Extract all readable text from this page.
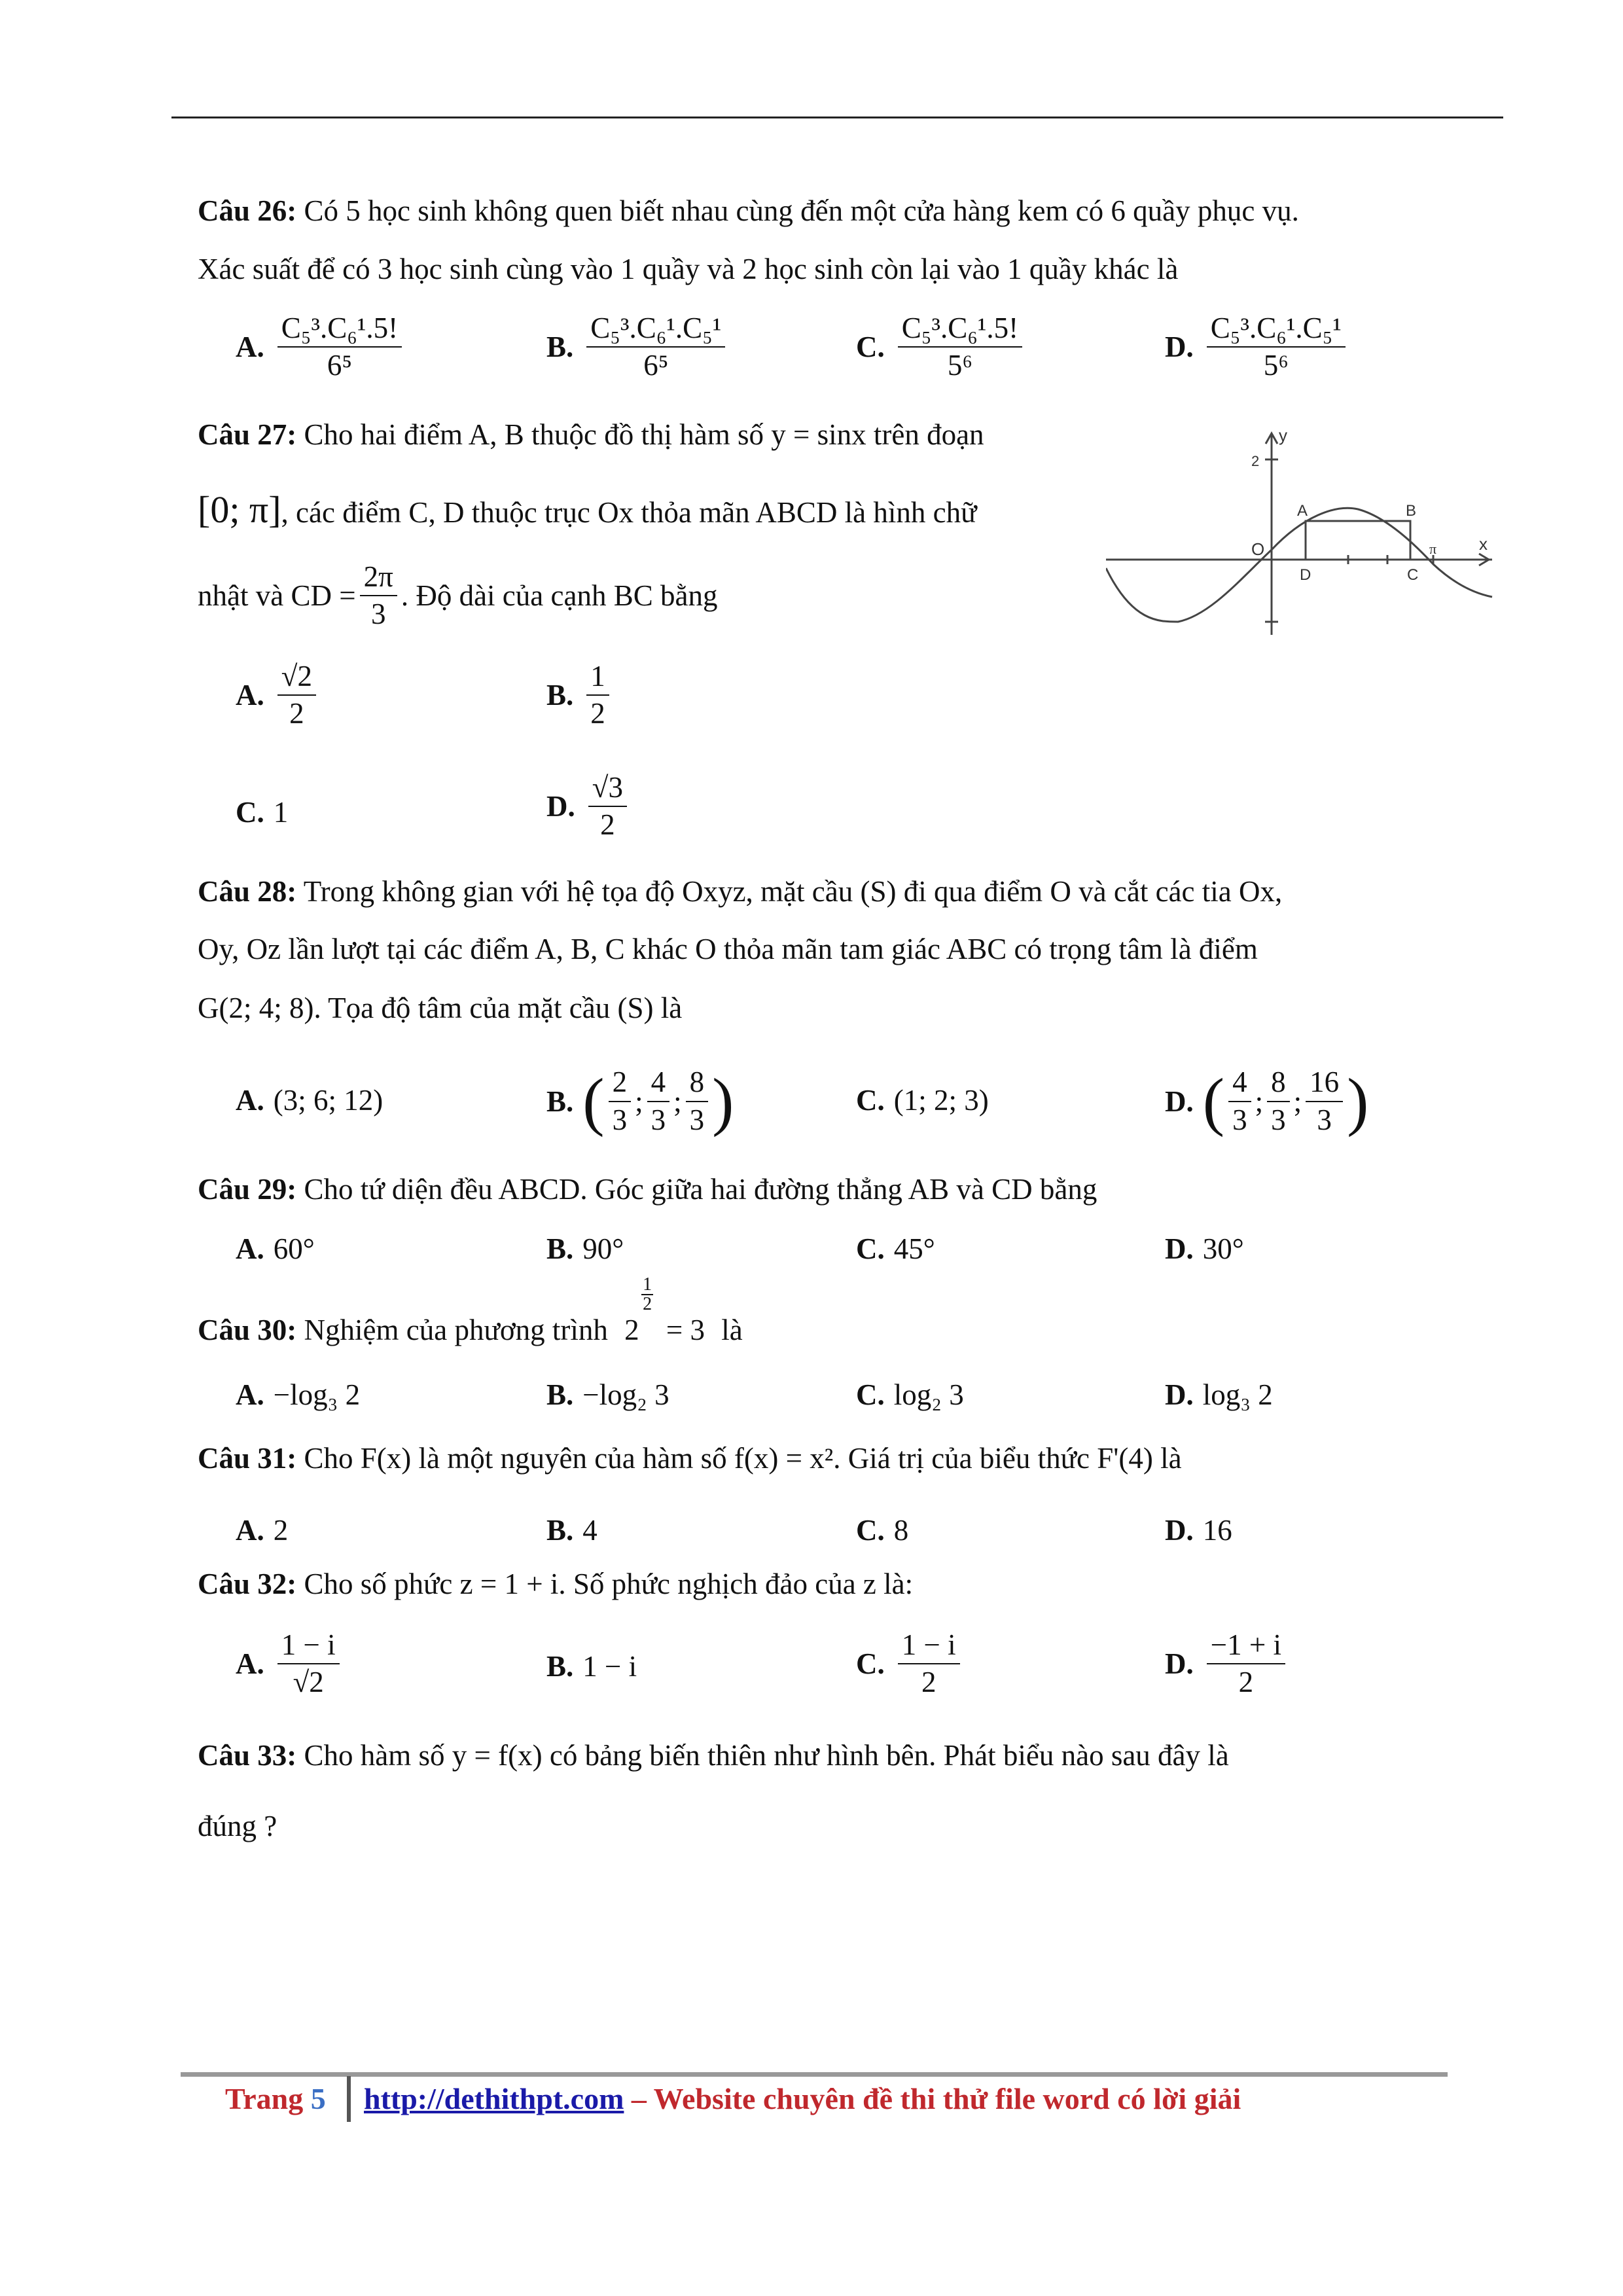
Câu 26: Có 5 học sinh không quen biết nhau cùng đến một cửa hàng kem có 6 quầy phục vụ.
Xác suất để có 3 học sinh cùng vào 1 quầy và 2 học sinh còn lại vào 1 quầy khác là
A. $\frac{\text{C₅³.C₆¹.5!}}{\text{6⁵}}$	B. $\frac{\text{C₅³.C₆¹.C₅¹}}{\text{6⁵}}$	C. $\frac{\text{C₅³.C₆¹.5!}}{\text{5⁶}}$	D. $\frac{\text{C₅³.C₆¹.C₅¹}}{\text{5⁶}}$
Câu 27: Cho hai điểm A, B thuộc đồ thị hàm số y = sinx trên đoạn
[0; π], các điểm C, D thuộc trục Ox thỏa mãn ABCD là hình chữ
nhật và CD = $\frac{2\pi}{3}$ . Độ dài của cạnh BC bằng
y
x
O
2
A	B
D	C
π
A. $\frac{√2}{2}$	B. $\frac{1}{2}$
C. 1	D. $\frac{√3}{2}$
Câu 28: Trong không gian với hệ tọa độ Oxyz, mặt cầu (S) đi qua điểm O và cắt các tia Ox,
Oy, Oz lần lượt tại các điểm A, B, C khác O thỏa mãn tam giác ABC có trọng tâm là điểm
G(2; 4; 8). Tọa độ tâm của mặt cầu (S) là
A. (3; 6; 12)	B. ( $\frac{2}{3}$ ; $\frac{4}{3}$ ; $\frac{8}{3}$ )	C. (1; 2; 3)	D. ( $\frac{4}{3}$ ; $\frac{8}{3}$ ; $\frac{16}{3}$ )
Câu 29: Cho tứ diện đều ABCD. Góc giữa hai đường thẳng AB và CD bằng
A. 60°	B. 90°	C. 45°	D. 30°
Câu 30: Nghiệm của phương trình 2
$\frac{1}{2}$
= 3 là
A. −log₃ 2	B. −log₂ 3	C. log₂ 3	D. log₃ 2
Câu 31: Cho F(x) là một nguyên của hàm số f(x) = x². Giá trị của biểu thức F'(4) là
A. 2	B. 4	C. 8	D. 16
Câu 32: Cho số phức z = 1 + i. Số phức nghịch đảo của z là:
A. $\frac{1 - i}{√2}$	B. 1 − i	C. $\frac{1 - i}{2}$	D. $\frac{-1 + i}{2}$
Câu 33: Cho hàm số y = f(x) có bảng biến thiên như hình bên. Phát biểu nào sau đây là
đúng ?
Trang 5 http://dethithpt.com – Website chuyên đề thi thử file word có lời giải
